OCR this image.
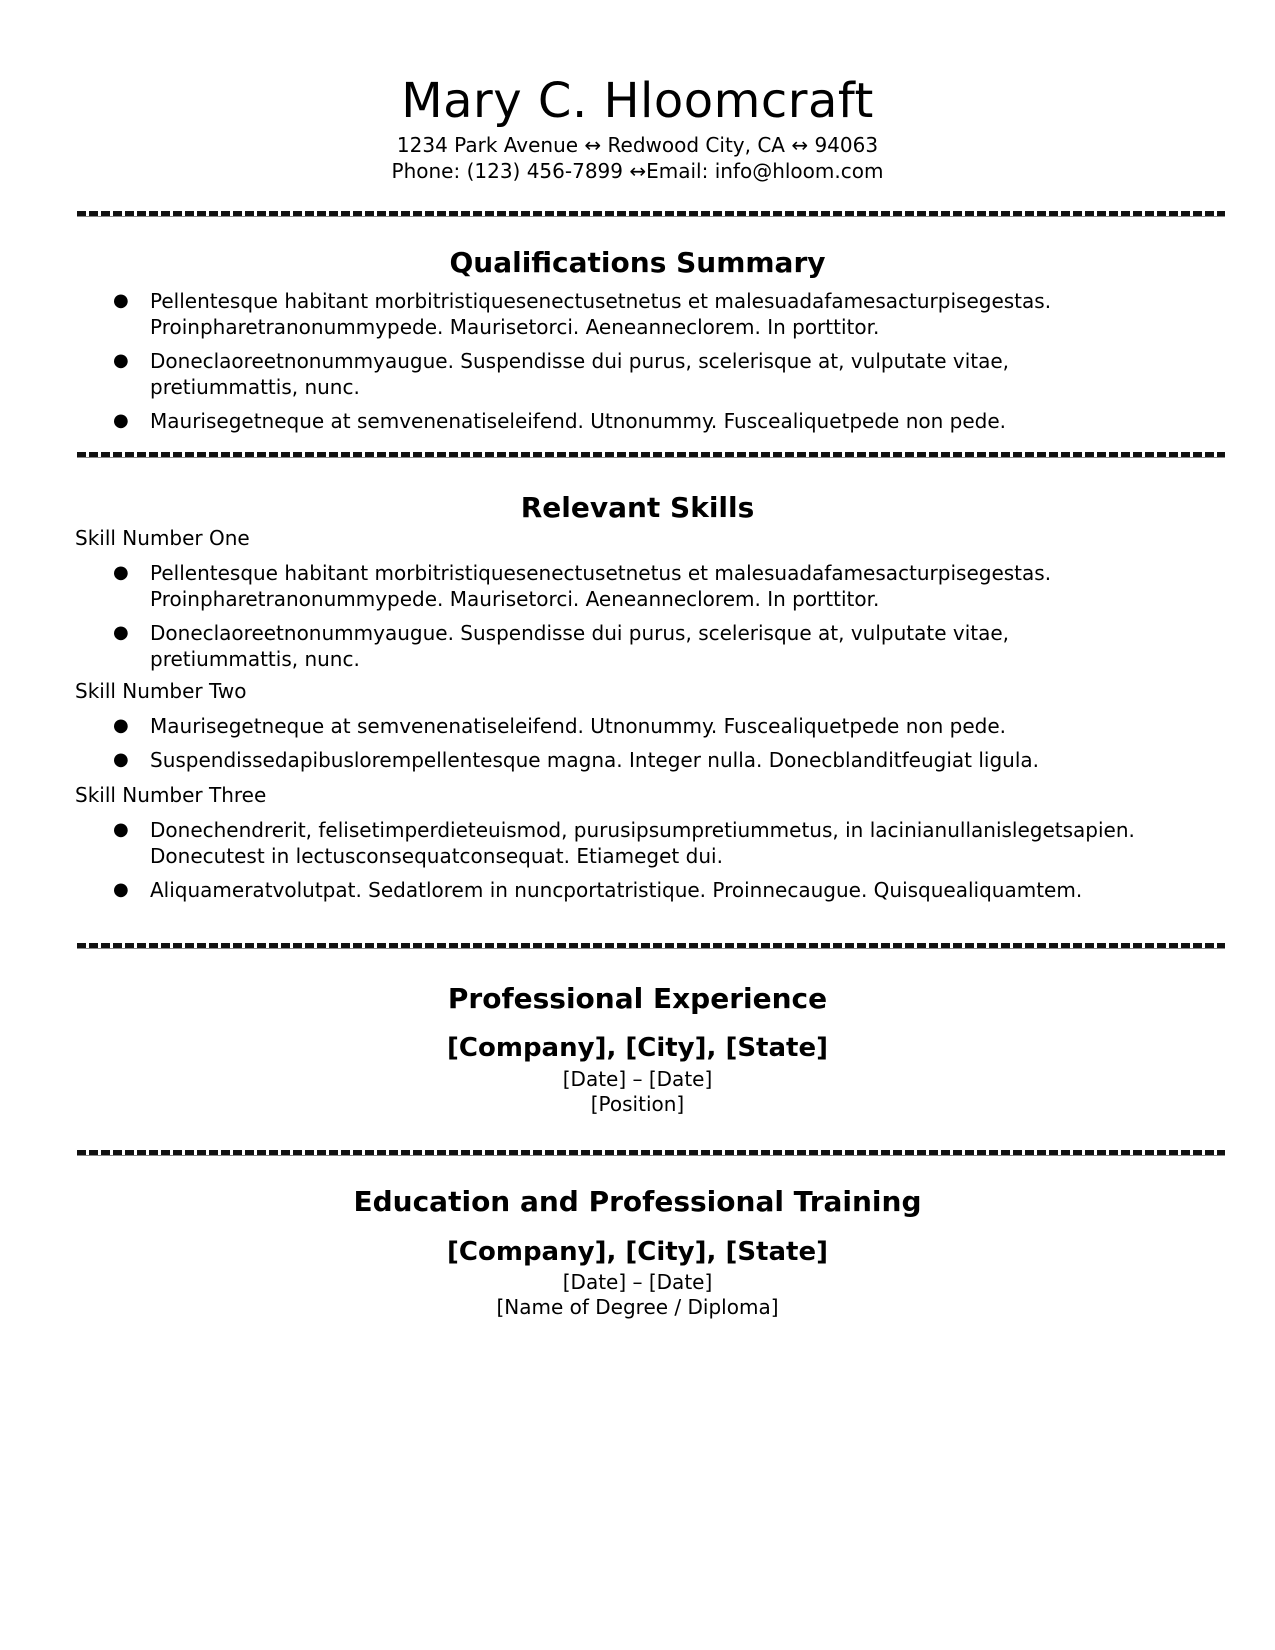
Mary C. Hloomcraft
1234 Park Avenue ↔ Redwood City, CA ↔ 94063
Phone: (123) 456-7899 ↔Email: info@hloom.com
Qualifications Summary
●	Pellentesque habitant morbitristiquesenectusetnetus et malesuadafamesacturpisegestas.
Proinpharetranonummypede. Maurisetorci. Aeneanneclorem. In porttitor.
●	Doneclaoreetnonummyaugue. Suspendisse dui purus, scelerisque at, vulputate vitae,
pretiummattis, nunc.
●	Maurisegetneque at semvenenatiseleifend. Utnonummy. Fuscealiquetpede non pede.
Relevant Skills
Skill Number One
●	Pellentesque habitant morbitristiquesenectusetnetus et malesuadafamesacturpisegestas.
Proinpharetranonummypede. Maurisetorci. Aeneanneclorem. In porttitor.
●	Doneclaoreetnonummyaugue. Suspendisse dui purus, scelerisque at, vulputate vitae,
pretiummattis, nunc.
Skill Number Two
●	Maurisegetneque at semvenenatiseleifend. Utnonummy. Fuscealiquetpede non pede.
●	Suspendissedapibuslorempellentesque magna. Integer nulla. Donecblanditfeugiat ligula.
Skill Number Three
●	Donechendrerit, felisetimperdieteuismod, purusipsumpretiummetus, in lacinianullanislegetsapien.
Donecutest in lectusconsequatconsequat. Etiameget dui.
●	Aliquameratvolutpat. Sedatlorem in nuncportatristique. Proinnecaugue. Quisquealiquamtem.
Professional Experience
[Company], [City], [State]
[Date] – [Date]
[Position]
Education and Professional Training
[Company], [City], [State]
[Date] – [Date]
[Name of Degree / Diploma]
